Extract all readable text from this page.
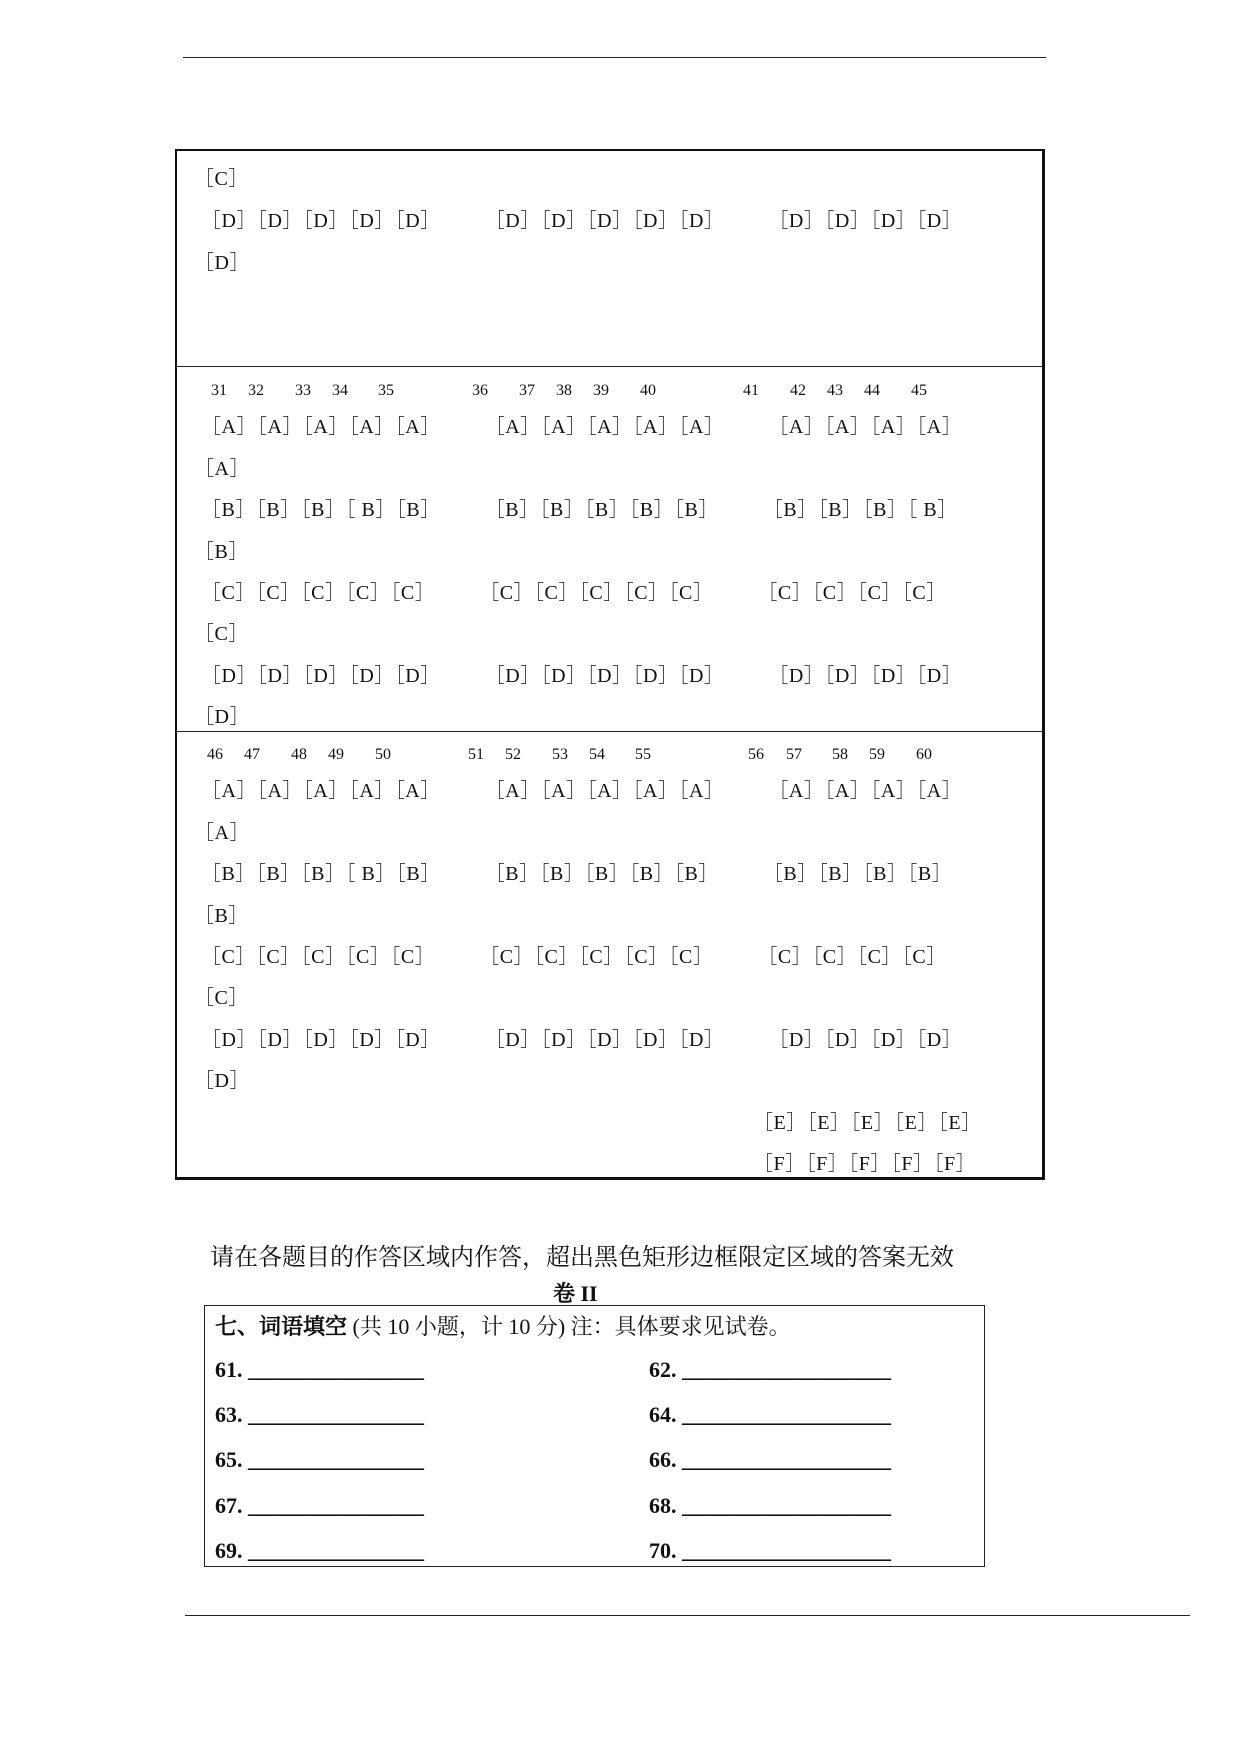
［C］
［D］［D］［D］［D］［D］        ［D］［D］［D］［D］［D］        ［D］［D］［D］［D］
［D］
31 32 33 34 35	36 37 38 39 40	41 42 43 44 45
［A］［A］［A］［A］［A］        ［A］［A］［A］［A］［A］        ［A］［A］［A］［A］
［A］
［B］［B］［B］［ B］［B］        ［B］［B］［B］［B］［B］        ［B］［B］［B］［ B］
［B］
［C］［C］［C］［C］［C］        ［C］［C］［C］［C］［C］        ［C］［C］［C］［C］
［C］
［D］［D］［D］［D］［D］        ［D］［D］［D］［D］［D］        ［D］［D］［D］［D］
［D］
46 47 48 49 50	51 52 53 54 55	56 57 58 59 60
［A］［A］［A］［A］［A］        ［A］［A］［A］［A］［A］        ［A］［A］［A］［A］
［A］
［B］［B］［B］［ B］［B］        ［B］［B］［B］［B］［B］        ［B］［B］［B］［B］
［B］
［C］［C］［C］［C］［C］        ［C］［C］［C］［C］［C］        ［C］［C］［C］［C］
［C］
［D］［D］［D］［D］［D］        ［D］［D］［D］［D］［D］        ［D］［D］［D］［D］
［D］
［E］［E］［E］［E］［E］
［F］［F］［F］［F］［F］
请在各题目的作答区域内作答，超出黑色矩形边框限定区域的答案无效
卷 II
七、词语填空 (共 10 小题，计 10 分) 注：具体要求见试卷。
61. ________________	62. ___________________
63. ________________	64. ___________________
65. ________________	66. ___________________
67. ________________	68. ___________________
69. ________________	70. ___________________
